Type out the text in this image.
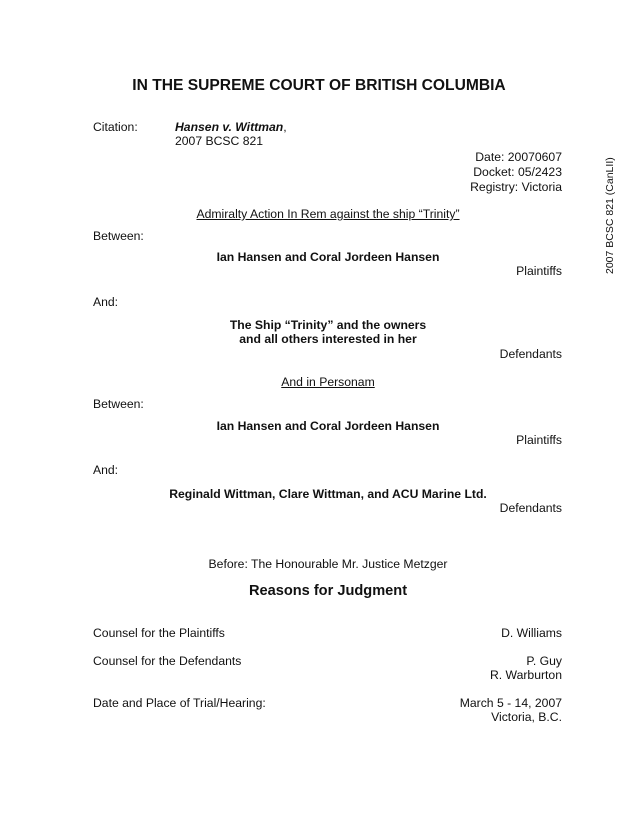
IN THE SUPREME COURT OF BRITISH COLUMBIA
Citation:	Hansen v. Wittman,
2007 BCSC 821
Date: 20070607
Docket: 05/2423
Registry: Victoria	2007 BCSC 821 (CanLII)
Admiralty Action In Rem against the ship “Trinity”
Between:
Ian Hansen and Coral Jordeen Hansen
Plaintiffs
And:
The Ship “Trinity” and the owners
and all others interested in her
Defendants
And in Personam
Between:
Ian Hansen and Coral Jordeen Hansen
Plaintiffs
And:
Reginald Wittman, Clare Wittman, and ACU Marine Ltd.
Defendants
Before: The Honourable Mr. Justice Metzger
Reasons for Judgment
Counsel for the Plaintiffs	D. Williams
Counsel for the Defendants	P. Guy
R. Warburton
Date and Place of Trial/Hearing:	March 5 - 14, 2007
Victoria, B.C.
